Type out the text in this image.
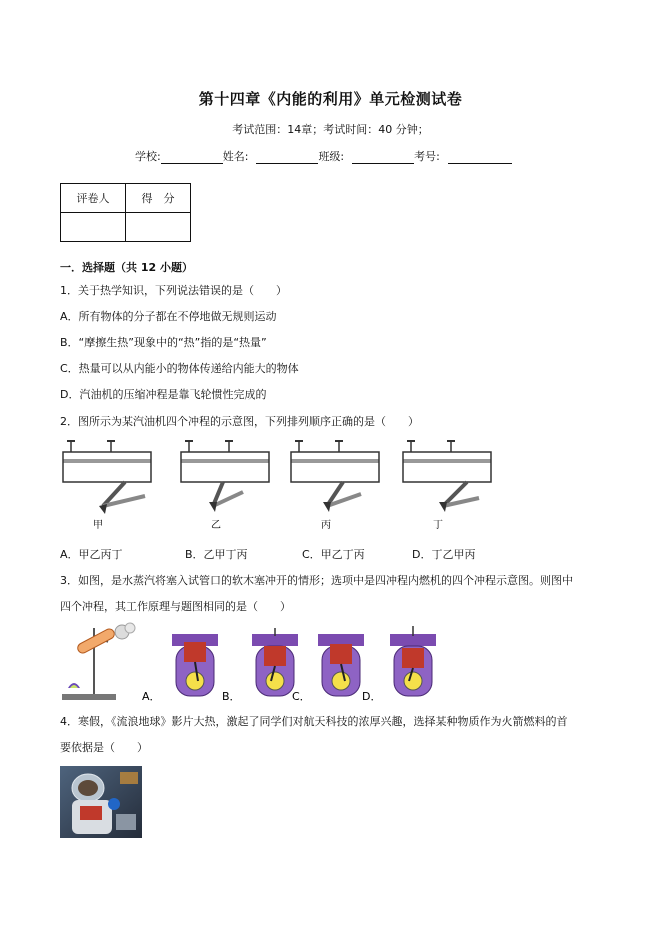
第十四章《内能的利用》单元检测试卷
考试范围：14章；考试时间：40 分钟；
学校:	姓名:	班级:	考号:
评卷人	得　分

一．选择题（共 12 小题）
1．关于热学知识，下列说法错误的是（　　）
A．所有物体的分子都在不停地做无规则运动
B．“摩擦生热”现象中的“热”指的是“热量”
C．热量可以从内能小的物体传递给内能大的物体
D．汽油机的压缩冲程是靠飞轮惯性完成的
2．图所示为某汽油机四个冲程的示意图，下列排列顺序正确的是（　　）
甲	乙	丙	丁
A．甲乙丙丁	B．乙甲丁丙	C．甲乙丁丙	D．丁乙甲丙
3．如图，是水蒸汽将塞入试管口的软木塞冲开的情形；选项中是四冲程内燃机的四个冲程示意图。则图中
四个冲程，其工作原理与题图相同的是（　　）
A．	B．	C．	D．
4．寒假，《流浪地球》影片大热，激起了同学们对航天科技的浓厚兴趣，选择某种物质作为火箭燃料的首
要依据是（　　）
